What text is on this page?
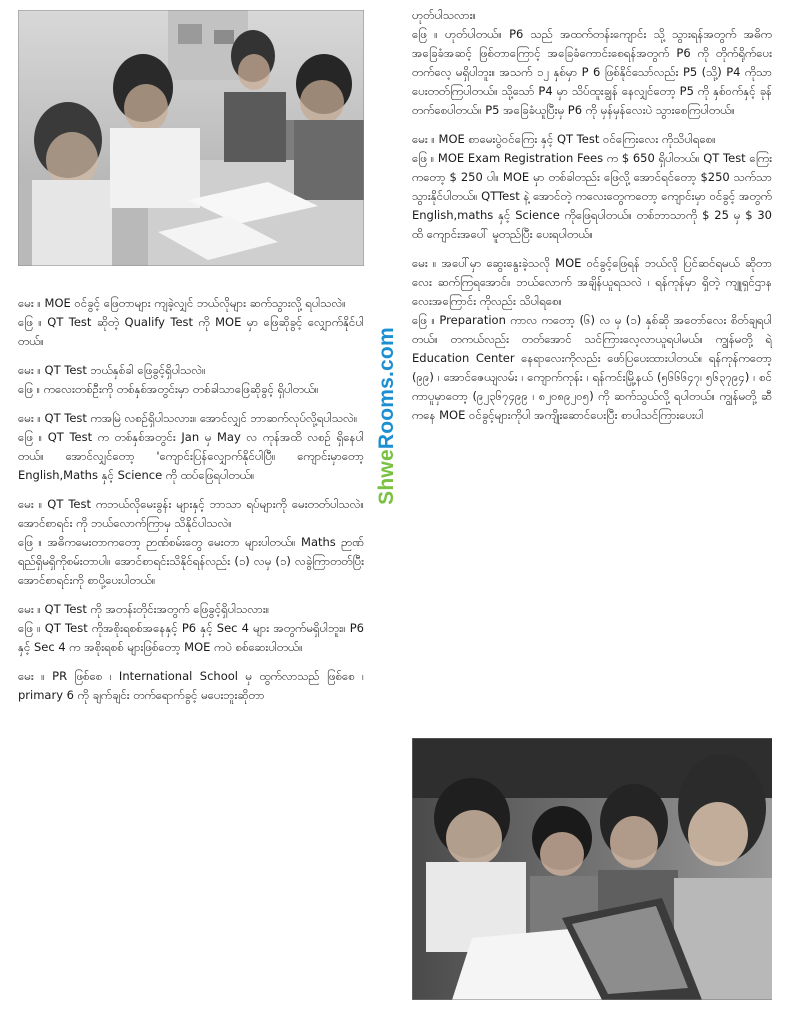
မေး ။ MOE ဝင်ခွင့် ဖြေတာများ ကျခဲ့လျှင် ဘယ်လိုများ ဆက်သွားလို့ ရပါသလဲ။

ဖြေ ။ QT Test ဆိုတဲ့ Qualify Test ကို MOE မှာ ဖြေဆိုခွင့် လျှောက်နိုင်ပါတယ်။

မေး ။ QT Test ဘယ်နှစ်ခါ ဖြေခွင့်ရှိပါသလဲ။

ဖြေ ။ ကလေးတစ်ဦးကို တစ်နှစ်အတွင်းမှာ တစ်ခါသာဖြေဆိုခွင့် ရှိပါတယ်။

မေး ။ QT Test ကအမြဲ လစဉ်ရှိပါသလား။ အောင်လျှင် ဘာဆက်လုပ်လို့ရပါသလဲ။

ဖြေ ။ QT Test က တစ်နှစ်အတွင်း Jan မှ May လ ကုန်အထိ လစဉ် ရှိနေပါတယ်။ အောင်လျှင်တော့ 'ကျောင်းပြန်လျှောက်နိုင်ပါပြီ။ ကျောင်းမှာတော့ English,Maths နှင့် Science ကို ထပ်ဖြေရပါတယ်။

မေး ။ QT Test ကဘယ်လိုမေးခွန်း များနှင့် ဘာသာ ရပ်များကို မေးတတ်ပါသလဲ။ အောင်စာရင်း ကို ဘယ်လောက်ကြာမှ သိနိုင်ပါသလဲ။

ဖြေ ။ အဓိကမေးတာကတော့ ဉာဏ်စမ်းတွေ မေးတာ များပါတယ်။ Maths ဉာဏ်ရည်ရှိမရှိကိုစမ်းတာပါ။ အောင်စာရင်းသိနိုင်ရန်လည်း (၁) လမှ (၁) လခွဲကြာတတ်ပြီး အောင်စာရင်းကို စာပို့ပေးပါတယ်။

မေး ။ QT Test ကို အတန်းတိုင်းအတွက် ဖြေခွင့်ရှိပါသလား။

ဖြေ ။ QT Test ကိုအစိုးရစစ်အနေနှင့် P6 နှင့် Sec 4 များ အတွက်မရှိပါဘူး။ P6 နှင့် Sec 4 က အစိုးရစစ် များဖြစ်တော့ MOE ကပဲ စစ်ဆေးပါတယ်။

မေး ။ PR ဖြစ်စေ ၊ International School မှ ထွက်လာသည် ဖြစ်စေ ၊ primary 6 ကို ချက်ချင်း တက်ရောက်ခွင့် မပေးဘူးဆိုတာ

ShweRooms.com

ဟုတ်ပါသလား။

ဖြေ ။ ဟုတ်ပါတယ်။ P6 သည် အထက်တန်းကျောင်း သို့ သွားရန်အတွက် အဓိက အခြေခံအဆင့် ဖြစ်တာကြောင့် အခြေခံကောင်းစေရန်အတွက် P6 ကို တိုက်ရိုက်ပေးတက်လေ့ မရှိပါဘူး။ အသက် ၁၂ နှစ်မှာ P 6 ဖြစ်နိုင်သော်လည်း P5 (သို့) P4 ကိုသာ ပေးတတ်ကြပါတယ်။ သို့သော် P4 မှာ သိပ်ထူးချွန် နေလျှင်တော့ P5 ကို နှစ်ဝက်နှင့် ခုန်တက်စေပါတယ်။ P5 အခြေခံယူပြီးမှ P6 ကို မှန်မှန်လေးပဲ သွားစေကြပါတယ်။

မေး ။ MOE စာမေးပွဲဝင်ကြေး နှင့် QT Test ဝင်ကြေးလေး ကိုသိပါရစေ။

ဖြေ ။ MOE Exam Registration Fees က $ 650 ရှိပါတယ်။ QT Test ကြေးကတော့ $ 250 ပါ။ MOE မှာ တစ်ခါတည်း ဖြေလို့ အောင်ရင်တော့ $250 သက်သာသွားနိုင်ပါတယ်။ QTTest နဲ့ အောင်တဲ့ ကလေးတွေကတော့ ကျောင်းမှာ ဝင်ခွင့် အတွက် English,maths နှင့် Science ကိုဖြေရပါတယ်။ တစ်ဘာသာကို $ 25 မှ $ 30 ထိ ကျောင်းအပေါ် မူတည်ပြီး ပေးရပါတယ်။

မေး ။ အပေါ်မှာ ဆွေးနွေးခဲ့သလို MOE ဝင်ခွင့်ဖြေရန် ဘယ်လို ပြင်ဆင်ရမယ် ဆိုတာလေး ဆက်ကြရအောင်။ ဘယ်လောက် အချိန်ယူရသလဲ ၊ ရန်ကုန်မှာ ရှိတဲ့ ကျူရှင်ဌာနလေးအကြောင်း ကိုလည်း သိပါရစေ။

ဖြေ ။ Preparation ကာလ ကတော့ (၆) လ မှ (၁) နှစ်ဆို အတော်လေး စိတ်ချရပါတယ်။ တကယ်လည်း တတ်အောင် သင်ကြားလေ့လာယူရပါမယ်။ ကျွန်မတို့ ရဲ့ Education Center နေရာလေးကိုလည်း ဖော်ပြပေးထားပါတယ်။ ရန်ကုန်ကတော့ (၉၉) ၊ အောင်ဇေယျလမ်း ၊ ကျောက်ကုန်း ၊ ရန်ကင်းမြို့နယ် (၅၆၆၆၄၇၊ ၅၆၃၇၉၄) ၊ စင်ကာပူမှာတော့ (၉၂၃၆၇၄၉၉ ၊ ၈၂၀၈၉၂၀၅) ကို ဆက်သွယ်လို့ ရပါတယ်။ ကျွန်မတို့ ဆီကနေ MOE ဝင်ခွင့်များကိုပါ အကျိုးဆောင်ပေးပြီး စာပါသင်ကြားပေးပါ
